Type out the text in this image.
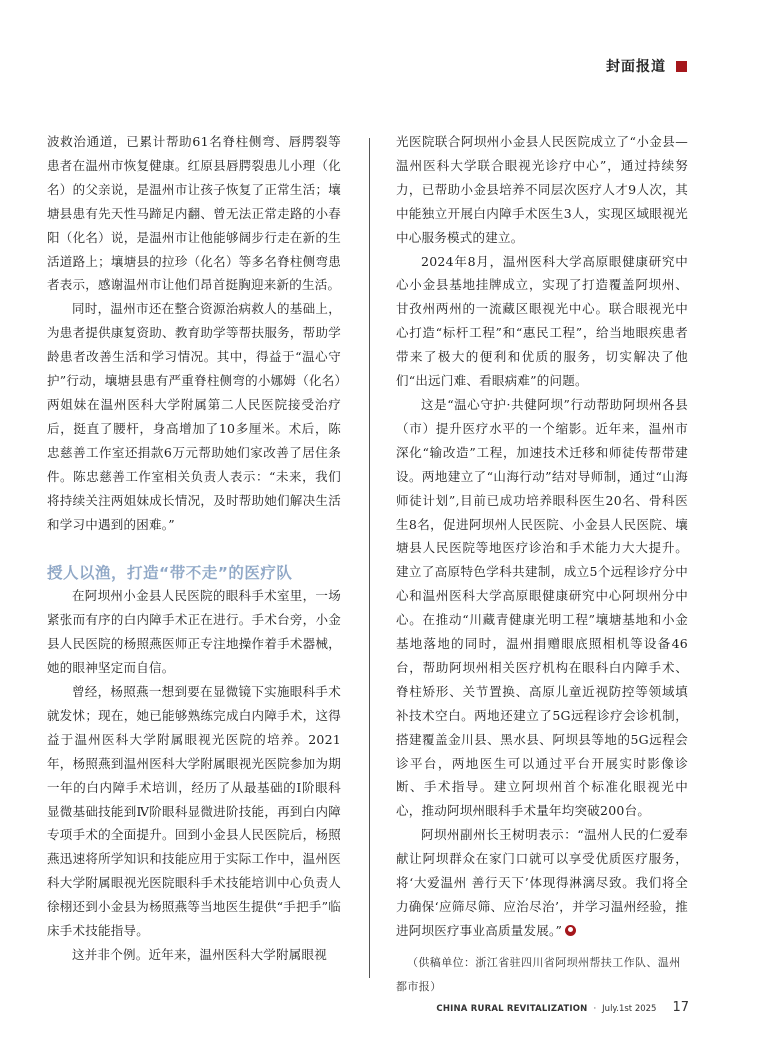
封面报道

波救治通道，已累计帮助61名脊柱侧弯、唇腭裂等患者在温州市恢复健康。红原县唇腭裂患儿小理（化名）的父亲说，是温州市让孩子恢复了正常生活；壤塘县患有先天性马蹄足内翻、曾无法正常走路的小春阳（化名）说，是温州市让他能够阔步行走在新的生活道路上；壤塘县的拉珍（化名）等多名脊柱侧弯患者表示，感谢温州市让他们昂首挺胸迎来新的生活。

同时，温州市还在整合资源治病救人的基础上，为患者提供康复资助、教育助学等帮扶服务，帮助学龄患者改善生活和学习情况。其中，得益于“温心守护”行动，壤塘县患有严重脊柱侧弯的小娜姆（化名）两姐妹在温州医科大学附属第二人民医院接受治疗后，挺直了腰杆，身高增加了10多厘米。术后，陈忠慈善工作室还捐款6万元帮助她们家改善了居住条件。陈忠慈善工作室相关负责人表示：“未来，我们将持续关注两姐妹成长情况，及时帮助她们解决生活和学习中遇到的困难。”

授人以渔，打造“带不走”的医疗队

在阿坝州小金县人民医院的眼科手术室里，一场紧张而有序的白内障手术正在进行。手术台旁，小金县人民医院的杨照燕医师正专注地操作着手术器械，她的眼神坚定而自信。

曾经，杨照燕一想到要在显微镜下实施眼科手术就发怵；现在，她已能够熟练完成白内障手术，这得益于温州医科大学附属眼视光医院的培养。2021年，杨照燕到温州医科大学附属眼视光医院参加为期一年的白内障手术培训，经历了从最基础的Ⅰ阶眼科显微基础技能到Ⅳ阶眼科显微进阶技能，再到白内障专项手术的全面提升。回到小金县人民医院后，杨照燕迅速将所学知识和技能应用于实际工作中，温州医科大学附属眼视光医院眼科手术技能培训中心负责人徐栩还到小金县为杨照燕等当地医生提供“手把手”临床手术技能指导。

这并非个例。近年来，温州医科大学附属眼视

光医院联合阿坝州小金县人民医院成立了“小金县—温州医科大学联合眼视光诊疗中心”，通过持续努力，已帮助小金县培养不同层次医疗人才9人次，其中能独立开展白内障手术医生3人，实现区域眼视光中心服务模式的建立。

2024年8月，温州医科大学高原眼健康研究中心小金县基地挂牌成立，实现了打造覆盖阿坝州、甘孜州两州的一流藏区眼视光中心。联合眼视光中心打造“标杆工程”和“惠民工程”，给当地眼疾患者带来了极大的便利和优质的服务，切实解决了他们“出远门难、看眼病难”的问题。

这是“温心守护·共健阿坝”行动帮助阿坝州各县（市）提升医疗水平的一个缩影。近年来，温州市深化“输改造”工程，加速技术迁移和师徒传帮带建设。两地建立了“山海行动”结对导师制，通过“山海师徒计划”,目前已成功培养眼科医生20名、骨科医生8名，促进阿坝州人民医院、小金县人民医院、壤塘县人民医院等地医疗诊治和手术能力大大提升。建立了高原特色学科共建制，成立5个远程诊疗分中心和温州医科大学高原眼健康研究中心阿坝州分中心。在推动“川藏青健康光明工程”壤塘基地和小金基地落地的同时，温州捐赠眼底照相机等设备46台，帮助阿坝州相关医疗机构在眼科白内障手术、脊柱矫形、关节置换、高原儿童近视防控等领域填补技术空白。两地还建立了5G远程诊疗会诊机制，搭建覆盖金川县、黑水县、阿坝县等地的5G远程会诊平台，两地医生可以通过平台开展实时影像诊断、手术指导。建立阿坝州首个标准化眼视光中心，推动阿坝州眼科手术量年均突破200台。

阿坝州副州长王树明表示：“温州人民的仁爱奉献让阿坝群众在家门口就可以享受优质医疗服务，将‘大爱温州 善行天下’体现得淋漓尽致。我们将全力确保‘应筛尽筛、应治尽治’，并学习温州经验，推进阿坝医疗事业高质量发展。”

（供稿单位：浙江省驻四川省阿坝州帮扶工作队、温州都市报）

CHINA RURAL REVITALIZATION · July.1st 2025 17
